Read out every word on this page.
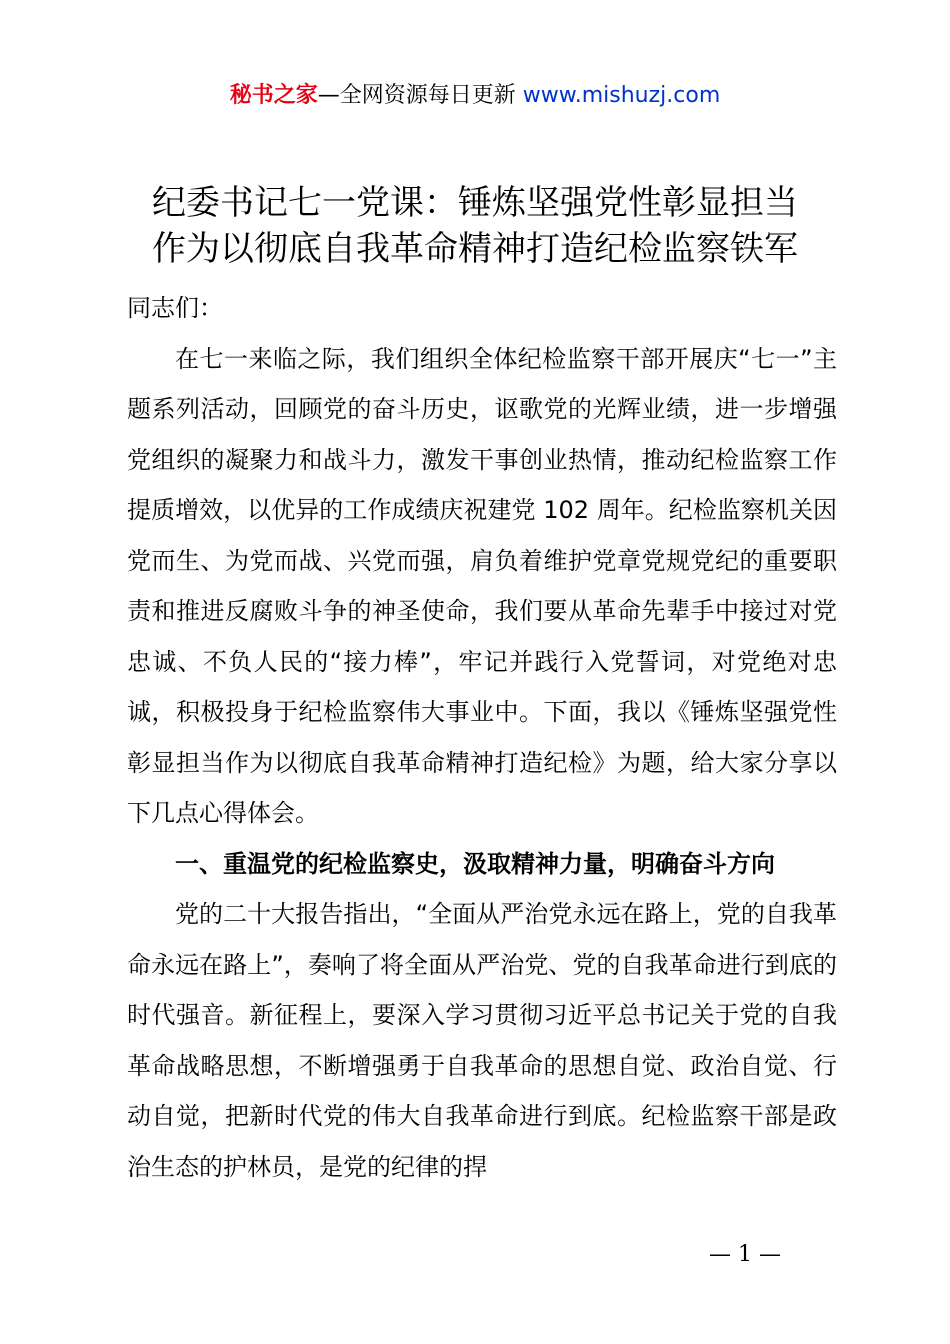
秘书之家—全网资源每日更新 www.mishuzj.com
纪委书记七一党课：锤炼坚强党性彰显担当
作为以彻底自我革命精神打造纪检监察铁军

同志们：

在七一来临之际，我们组织全体纪检监察干部开展庆“七一”主题系列活动，回顾党的奋斗历史，讴歌党的光辉业绩，进一步增强党组织的凝聚力和战斗力，激发干事创业热情，推动纪检监察工作提质增效，以优异的工作成绩庆祝建党 102 周年。纪检监察机关因党而生、为党而战、兴党而强，肩负着维护党章党规党纪的重要职责和推进反腐败斗争的神圣使命，我们要从革命先辈手中接过对党忠诚、不负人民的“接力棒”，牢记并践行入党誓词，对党绝对忠诚，积极投身于纪检监察伟大事业中。下面，我以《锤炼坚强党性彰显担当作为以彻底自我革命精神打造纪检》为题，给大家分享以下几点心得体会。

一、重温党的纪检监察史，汲取精神力量，明确奋斗方向

党的二十大报告指出，“全面从严治党永远在路上，党的自我革命永远在路上”，奏响了将全面从严治党、党的自我革命进行到底的时代强音。新征程上，要深入学习贯彻习近平总书记关于党的自我革命战略思想，不断增强勇于自我革命的思想自觉、政治自觉、行动自觉，把新时代党的伟大自我革命进行到底。纪检监察干部是政治生态的护林员，是党的纪律的捍

— 1 —
